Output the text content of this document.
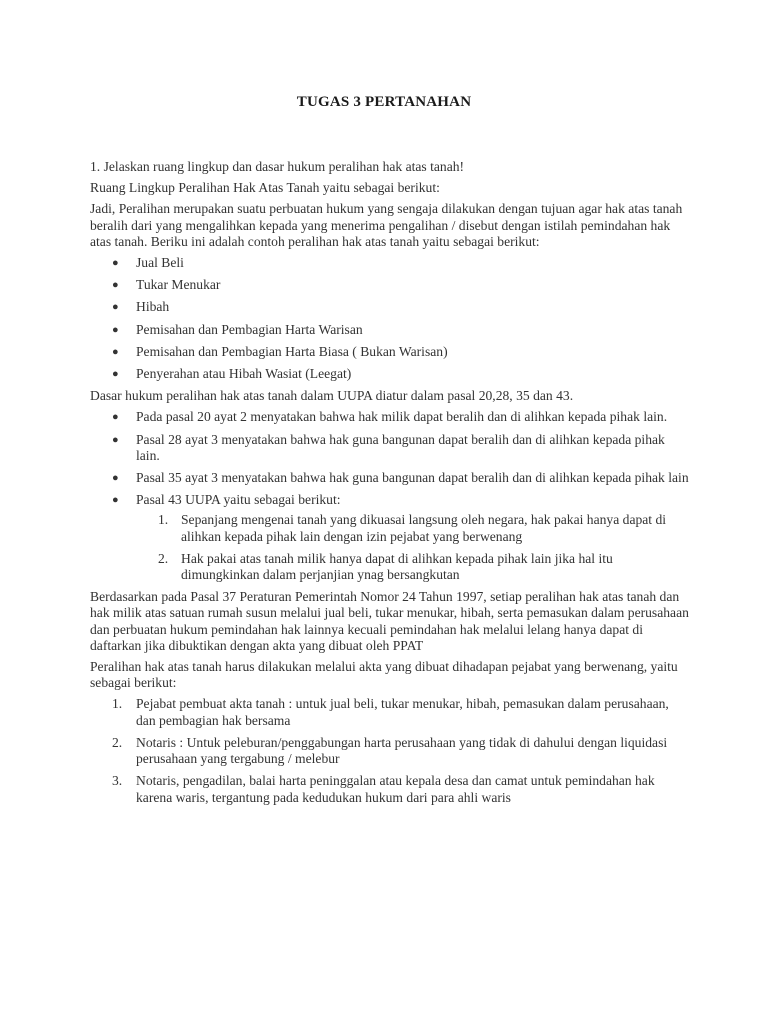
TUGAS 3 PERTANAHAN

1. Jelaskan ruang lingkup dan dasar hukum peralihan hak atas tanah!

Ruang Lingkup Peralihan Hak Atas Tanah yaitu sebagai berikut:

Jadi, Peralihan merupakan suatu perbuatan hukum yang sengaja dilakukan dengan tujuan agar hak atas tanah beralih dari yang mengalihkan kepada yang menerima pengalihan / disebut dengan istilah pemindahan hak atas tanah. Beriku ini adalah contoh peralihan hak atas tanah yaitu sebagai berikut:

● Jual Beli
● Tukar Menukar
● Hibah
● Pemisahan dan Pembagian Harta Warisan
● Pemisahan dan Pembagian Harta Biasa ( Bukan Warisan)
● Penyerahan atau Hibah Wasiat (Leegat)

Dasar hukum peralihan hak atas tanah dalam UUPA diatur dalam pasal 20,28, 35 dan 43.

● Pada pasal 20 ayat 2 menyatakan bahwa hak milik dapat beralih dan di alihkan kepada pihak lain.
● Pasal 28 ayat 3 menyatakan bahwa hak guna bangunan dapat beralih dan di alihkan kepada pihak lain.
● Pasal 35 ayat 3 menyatakan bahwa hak guna bangunan dapat beralih dan di alihkan kepada pihak lain
● Pasal 43 UUPA yaitu sebagai berikut:
1. Sepanjang mengenai tanah yang dikuasai langsung oleh negara, hak pakai hanya dapat di alihkan kepada pihak lain dengan izin pejabat yang berwenang
2. Hak pakai atas tanah milik hanya dapat di alihkan kepada pihak lain jika hal itu dimungkinkan dalam perjanjian ynag bersangkutan

Berdasarkan pada Pasal 37 Peraturan Pemerintah Nomor 24 Tahun 1997, setiap peralihan hak atas tanah dan hak milik atas satuan rumah susun melalui jual beli, tukar menukar, hibah, serta pemasukan dalam perusahaan dan perbuatan hukum pemindahan hak lainnya kecuali pemindahan hak melalui lelang hanya dapat di daftarkan jika dibuktikan dengan akta yang dibuat oleh PPAT

Peralihan hak atas tanah harus dilakukan melalui akta yang dibuat dihadapan pejabat yang berwenang, yaitu sebagai berikut:

1. Pejabat pembuat akta tanah : untuk jual beli, tukar menukar, hibah, pemasukan dalam perusahaan, dan pembagian hak bersama
2. Notaris : Untuk peleburan/penggabungan harta perusahaan yang tidak di dahului dengan liquidasi perusahaan yang tergabung / melebur
3. Notaris, pengadilan, balai harta peninggalan atau kepala desa dan camat untuk pemindahan hak karena waris, tergantung pada kedudukan hukum dari para ahli waris
